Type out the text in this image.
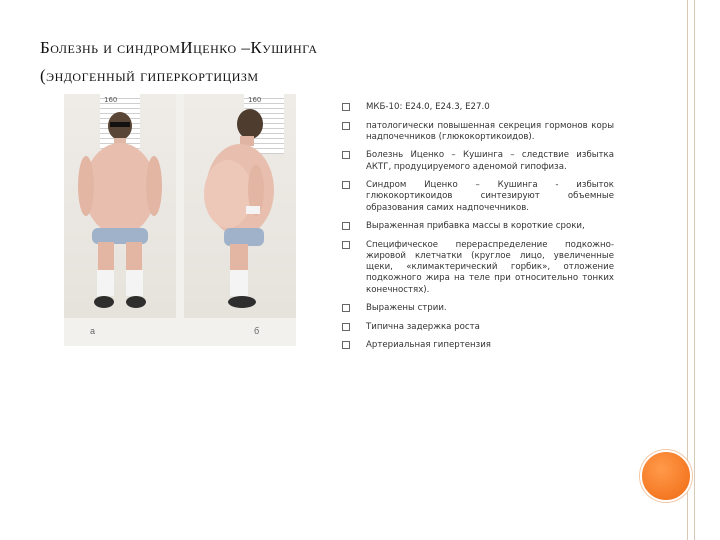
Болезнь и синдромИценко –Кушинга
(эндогенный гиперкортицизм
160	160
а	б
МКБ-10: Е24.0, Е24.3, Е27.0
патологически повышенная секреция гормонов коры надпочечников (глюкокортикоидов).
Болезнь Иценко – Кушинга – следствие избытка АКТГ, продуцируемого аденомой гипофиза.
Синдром Иценко – Кушинга - избыток глюкокортикоидов синтезируют объемные образования самих надпочечников.
Выраженная прибавка массы в короткие сроки,
Специфическое перераспределение подкожно-жировой клетчатки (круглое лицо, увеличенные щеки, «климактерический горбик», отложение подкожного жира на теле при относительно тонких конечностях).
Выражены стрии.
Типична задержка роста
Артериальная гипертензия
